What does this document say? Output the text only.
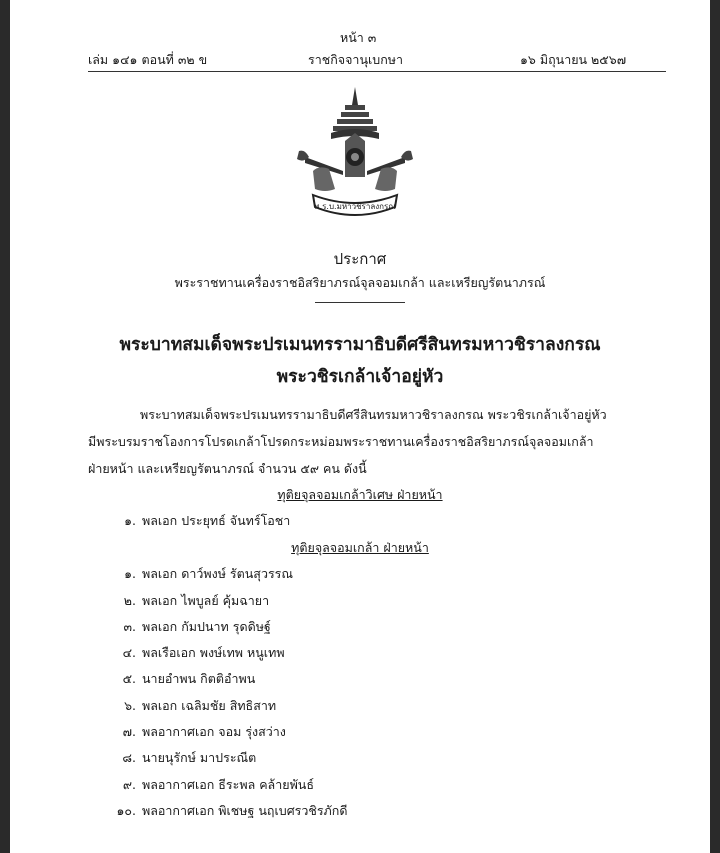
หน้า ๓
เล่ม ๑๔๑ ตอนที่ ๓๒ ข	ราชกิจจานุเบกษา	๑๖ มิถุนายน ๒๕๖๗
พ.ร.บ.มหาวชิราลงกรณ
ประกาศ
พระราชทานเครื่องราชอิสริยาภรณ์จุลจอมเกล้า และเหรียญรัตนาภรณ์
พระบาทสมเด็จพระปรเมนทรรามาธิบดีศรีสินทรมหาวชิราลงกรณ
พระวชิรเกล้าเจ้าอยู่หัว
พระบาทสมเด็จพระปรเมนทรรามาธิบดีศรีสินทรมหาวชิราลงกรณ พระวชิรเกล้าเจ้าอยู่หัว
มีพระบรมราชโองการโปรดเกล้าโปรดกระหม่อมพระราชทานเครื่องราชอิสริยาภรณ์จุลจอมเกล้า
ฝ่ายหน้า และเหรียญรัตนาภรณ์ จำนวน ๕๙ คน ดังนี้
ทุติยจุลจอมเกล้าวิเศษ ฝ่ายหน้า
๑. พลเอก ประยุทธ์ จันทร์โอชา
ทุติยจุลจอมเกล้า ฝ่ายหน้า
๑. พลเอก ดาว์พงษ์ รัตนสุวรรณ
๒. พลเอก ไพบูลย์ คุ้มฉายา
๓. พลเอก กัมปนาท รุดดิษฐ์
๔. พลเรือเอก พงษ์เทพ หนูเทพ
๕. นายอำพน กิตติอำพน
๖. พลเอก เฉลิมชัย สิทธิสาท
๗. พลอากาศเอก จอม รุ่งสว่าง
๘. นายนุรักษ์ มาประณีต
๙. พลอากาศเอก ธีระพล คล้ายพันธ์
๑๐. พลอากาศเอก พิเชษฐ นฤเบศรวชิรภักดี
